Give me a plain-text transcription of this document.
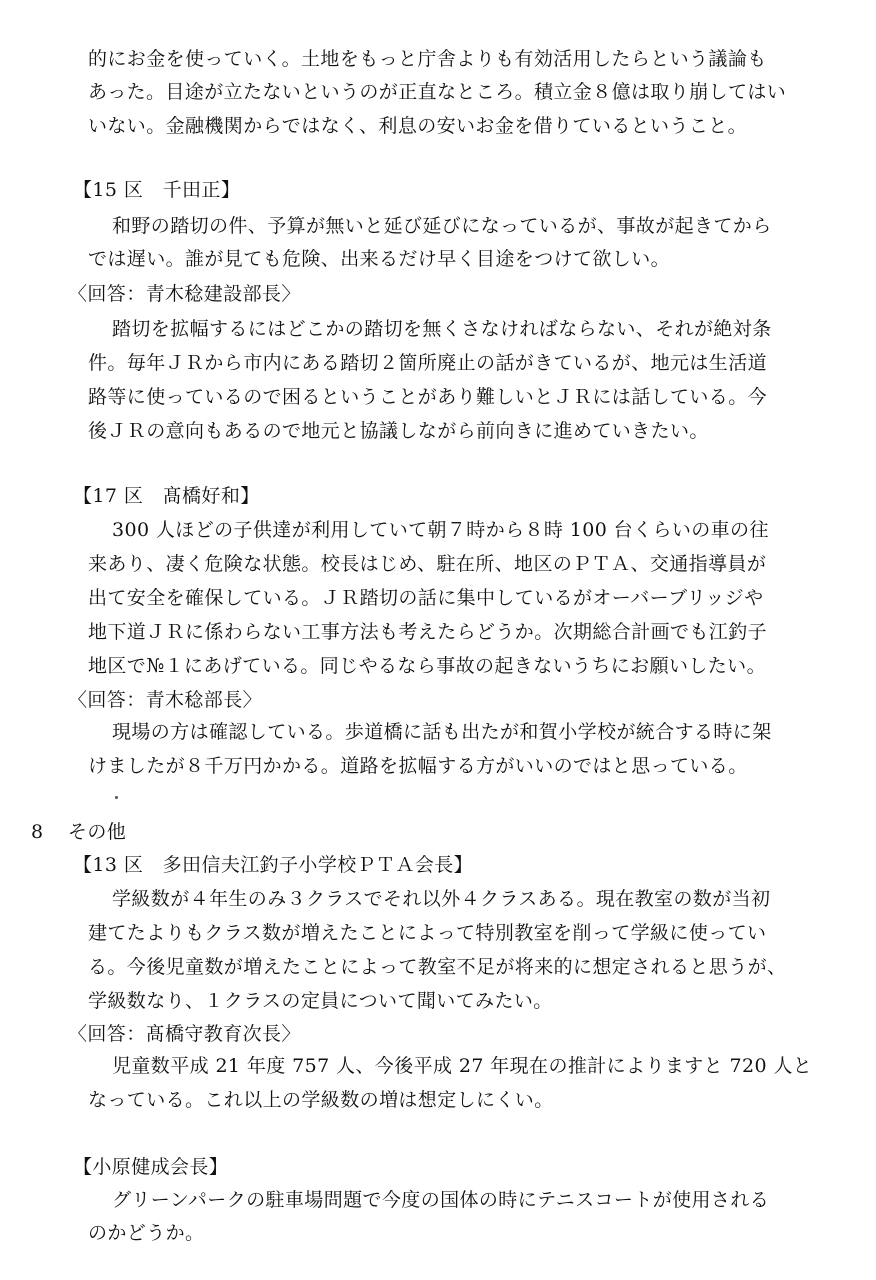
的にお金を使っていく。土地をもっと庁舎よりも有効活用したらという議論も
あった。目途が立たないというのが正直なところ。積立金８億は取り崩してはい
いない。金融機関からではなく、利息の安いお金を借りているということ。
【15 区　千田正】
和野の踏切の件、予算が無いと延び延びになっているが、事故が起きてから
では遅い。誰が見ても危険、出来るだけ早く目途をつけて欲しい。
〈回答：青木稔建設部長〉
踏切を拡幅するにはどこかの踏切を無くさなければならない、それが絶対条
件。毎年ＪＲから市内にある踏切２箇所廃止の話がきているが、地元は生活道
路等に使っているので困るということがあり難しいとＪＲには話している。今
後ＪＲの意向もあるので地元と協議しながら前向きに進めていきたい。
【17 区　髙橋好和】
300 人ほどの子供達が利用していて朝７時から８時 100 台くらいの車の往
来あり、凄く危険な状態。校長はじめ、駐在所、地区のＰＴＡ、交通指導員が
出て安全を確保している。ＪＲ踏切の話に集中しているがオーバーブリッジや
地下道ＪＲに係わらない工事方法も考えたらどうか。次期総合計画でも江釣子
地区で№１にあげている。同じやるなら事故の起きないうちにお願いしたい。
〈回答：青木稔部長〉
現場の方は確認している。歩道橋に話も出たが和賀小学校が統合する時に架
けましたが８千万円かかる。道路を拡幅する方がいいのではと思っている。
8 その他
【13 区　多田信夫江釣子小学校ＰＴＡ会長】
学級数が４年生のみ３クラスでそれ以外４クラスある。現在教室の数が当初
建てたよりもクラス数が増えたことによって特別教室を削って学級に使ってい
る。今後児童数が増えたことによって教室不足が将来的に想定されると思うが、
学級数なり、１クラスの定員について聞いてみたい。
〈回答：髙橋守教育次長〉
児童数平成 21 年度 757 人、今後平成 27 年現在の推計によりますと 720 人と
なっている。これ以上の学級数の増は想定しにくい。
【小原健成会長】
グリーンパークの駐車場問題で今度の国体の時にテニスコートが使用される
のかどうか。
